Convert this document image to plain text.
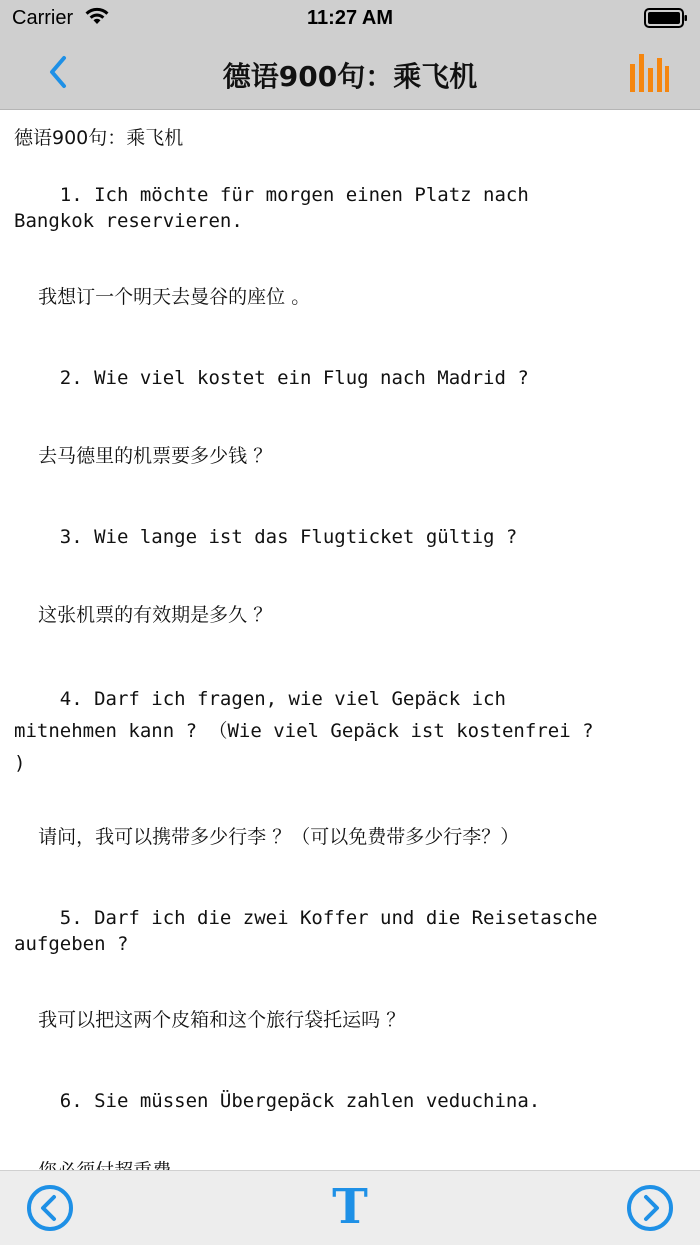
Carrier	11:27 AM
德语900句：乘飞机

德语900句：乘飞机

1. Ich möchte für morgen einen Platz nach
Bangkok reservieren.

我想订一个明天去曼谷的座位 。

2. Wie viel kostet ein Flug nach Madrid ?

去马德里的机票要多少钱 ？

3. Wie lange ist das Flugticket gültig ?

这张机票的有效期是多久 ？

4. Darf ich fragen, wie viel Gepäck ich
mitnehmen kann ? （Wie viel Gepäck ist kostenfrei ?
)

请问，我可以携带多少行李 ？（可以免费带多少行李？）

5. Darf ich die zwei Koffer und die Reisetasche
aufgeben ?

我可以把这两个皮箱和这个旅行袋托运吗 ？

6. Sie müssen Übergepäck zahlen veduchina.

T
